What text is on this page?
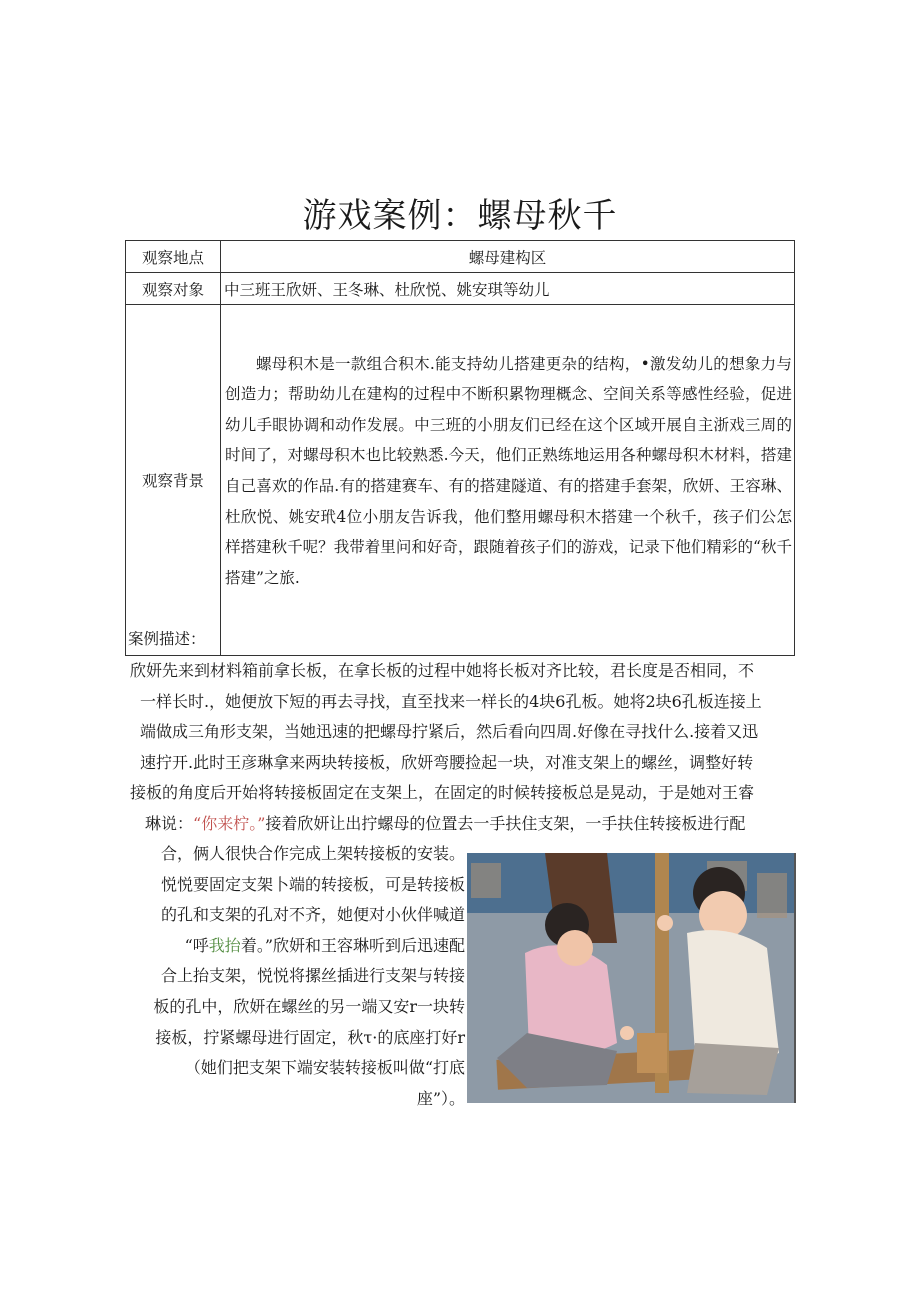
游戏案例：螺母秋千
观察地点	螺母建构区
观察对象	中三班王欣妍、王冬琳、杜欣悦、姚安琪等幼儿
观察背景	螺母积木是一款组合积木.能支持幼儿搭建更杂的结构，•激发幼儿的想象力与创造力；帮助幼儿在建构的过程中不断积累物理概念、空间关系等感性经验，促进幼儿手眼协调和动作发展。中三班的小朋友们已经在这个区域开展自主浙戏三周的时间了，对螺母积木也比较熟悉.今天，他们正熟练地运用各种螺母积木材料，搭建自己喜欢的作品.有的搭建赛车、有的搭建隧道、有的搭建手套架，欣妍、王容琳、杜欣悦、姚安玳4位小朋友告诉我，他们整用螺母积木搭建一个秋千，孩子们公怎样搭建秋千呢？我带着里问和好奇，跟随着孩子们的游戏，记录下他们精彩的“秋千搭建”之旅.
案例描述：
欣妍先来到材料箱前拿长板，在拿长板的过程中她将长板对齐比较，君长度是否相同，不
一样长时.，她便放下短的再去寻找，直至找来一样长的4块6孔板。她将2块6孔板连接上
端做成三角形支架，当她迅速的把螺母拧紧后，然后看向四周.好像在寻找什么.接着又迅
速拧开.此时王彦琳拿来两块转接板，欣妍弯腰捡起一块，对准支架上的螺丝，调整好转
接板的角度后开始将转接板固定在支架上，在固定的时候转接板总是晃动，于是她对王睿
琳说：“你来柠。”接着欣妍让出拧螺母的位置去一手扶住支架，一手扶住转接板进行配
合，俩人很快合作完成上架转接板的安装。
悦悦要固定支架卜端的转接板，可是转接板
的孔和支架的孔对不齐，她便对小伙伴喊道
“呼我抬着。”欣妍和王容琳听到后迅速配
合上抬支架，悦悦将摞丝插进行支架与转接
板的孔中，欣妍在螺丝的另一端又安r一块转
接板，拧紧螺母进行固定，秋τ·的底座打好r
（她们把支架下端安装转接板叫做“打底
座”）。
